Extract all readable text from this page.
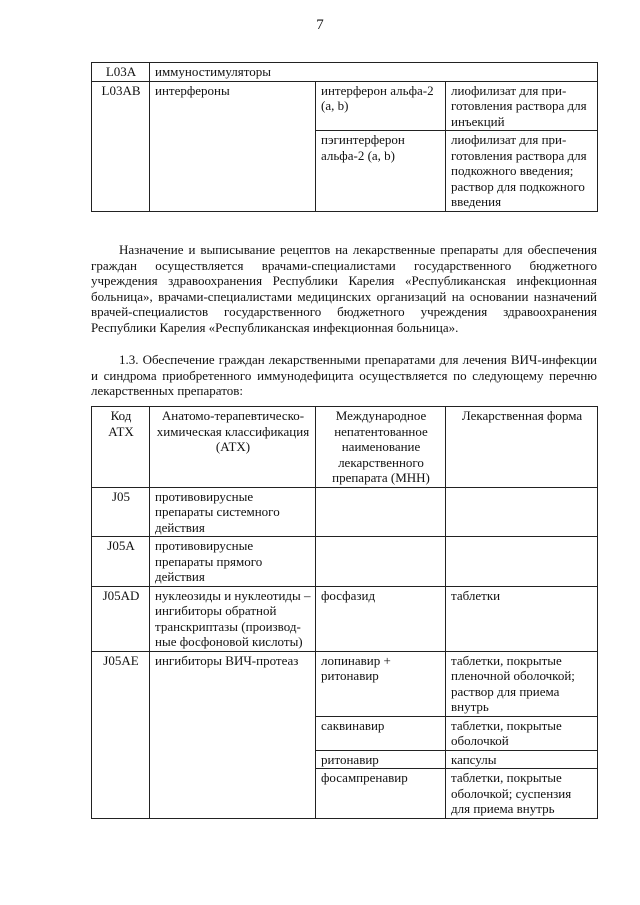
7
L03A	иммуностимуляторы		
L03AB	интерфероны	интерферон альфа-2 (a, b)	лиофилизат для при-готовления раствора для инъекций
		пэгинтерферон альфа-2 (a, b)	лиофилизат для при-готовления раствора для подкожного введения; раствор для подкожного введения
Назначение и выписывание рецептов на лекарственные препараты для обеспечения граждан осуществляется врачами-специалистами государственного бюджетного учреждения здравоохранения Республики Карелия «Республиканская инфекционная больница», врачами-специалистами медицинских организаций на основании назначений врачей-специалистов государственного бюджетного учреждения здравоохранения Республики Карелия «Республиканская инфекционная больница».
1.3. Обеспечение граждан лекарственными препаратами для лечения ВИЧ-инфекции и синдрома приобретенного иммунодефицита осуществляется по следующему перечню лекарственных препаратов:
Код АТХ	Анатомо-терапевтическо-химическая классификация (АТХ)	Международное непатентованное наименование лекарственного препарата (МНН)	Лекарственная форма
J05	противовирусные препараты системного действия		
J05A	противовирусные препараты прямого действия		
J05AD	нуклеозиды и нуклеотиды – ингибиторы обратной транскриптазы (производ-ные фосфоновой кислоты)	фосфазид	таблетки
J05AE	ингибиторы ВИЧ-протеаз	лопинавир + ритонавир	таблетки, покрытые пленочной оболочкой; раствор для приема внутрь
		саквинавир	таблетки, покрытые оболочкой
		ритонавир	капсулы
		фосампренавир	таблетки, покрытые оболочкой; суспензия для приема внутрь
